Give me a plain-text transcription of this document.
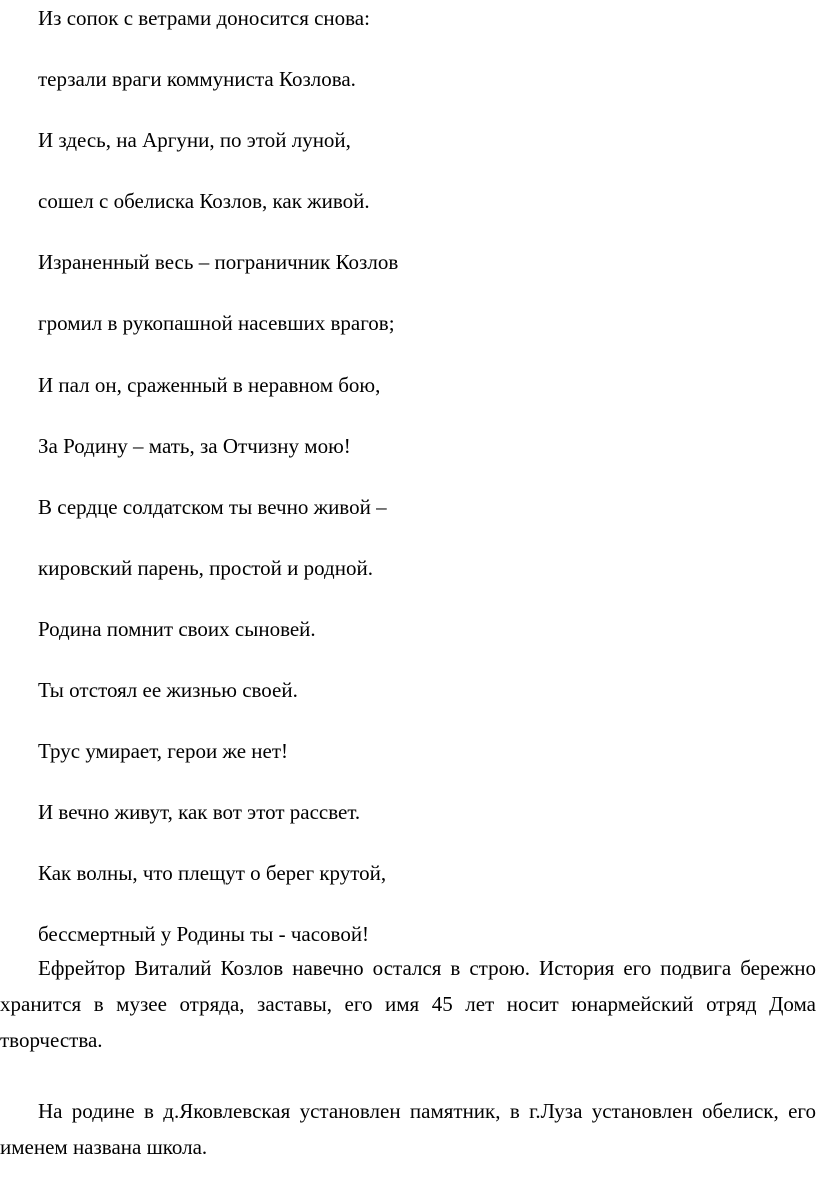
Из сопок с ветрами доносится снова:
терзали враги коммуниста Козлова.
И здесь, на Аргуни, по этой луной,
сошел с обелиска Козлов, как живой.
Израненный весь – пограничник Козлов
громил в рукопашной насевших врагов;
И пал он, сраженный в неравном бою,
За Родину – мать, за Отчизну мою!
В сердце солдатском ты вечно живой –
кировский парень, простой и родной.
Родина помнит своих сыновей.
Ты отстоял ее жизнью своей.
Трус умирает, герои же нет!
И вечно живут, как вот этот рассвет.
Как волны, что плещут о берег крутой,
бессмертный у Родины ты - часовой!

Ефрейтор Виталий Козлов навечно остался в строю. История его подвига бережно хранится в музее отряда, заставы, его имя 45 лет носит юнармейский отряд Дома творчества.

На родине в д.Яковлевская установлен памятник, в г.Луза установлен обелиск, его именем названа школа.
